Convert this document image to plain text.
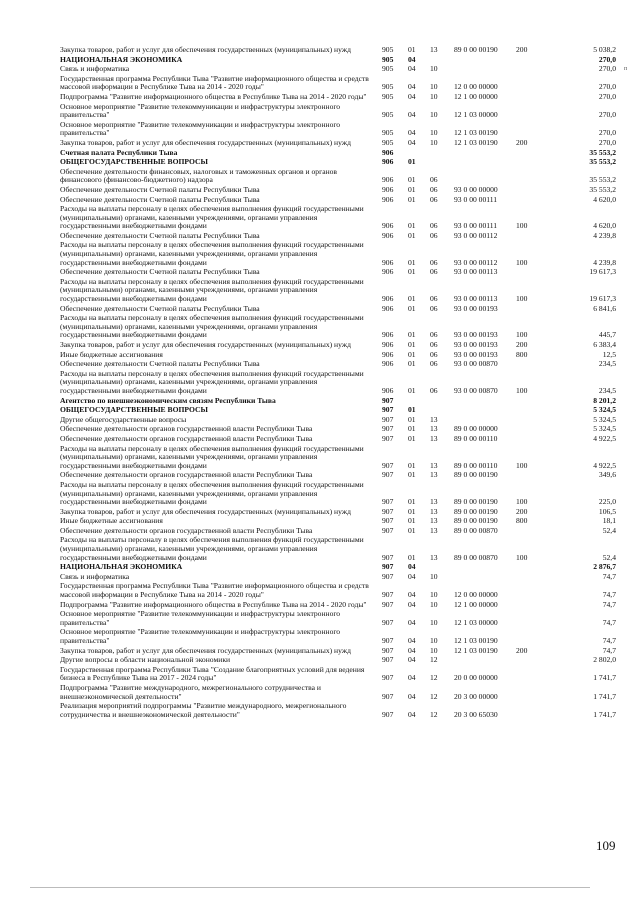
Закупка товаров, работ и услуг для обеспечения государственных (муниципальных) нужд	905 01 13 89 0 00 00190 200	5 038,2
НАЦИОНАЛЬНАЯ ЭКОНОМИКА	905 04	270,0
Связь и информатика	905 04 10	270,0
Государственная программа Республики Тыва "Развитие информационного общества и средств массовой информации в Республике Тыва на 2014 - 2020 годы"	905 04 10 12 0 00 00000	270,0
Подпрограмма "Развитие информационного общества в Республике Тыва на 2014 - 2020 годы"	905 04 10 12 1 00 00000	270,0
Основное мероприятие "Развитие телекоммуникации и инфраструктуры электронного правительства"	905 04 10 12 1 03 00000	270,0
Основное мероприятие "Развитие телекоммуникации и инфраструктуры электронного правительства"	905 04 10 12 1 03 00190	270,0
Закупка товаров, работ и услуг для обеспечения государственных (муниципальных) нужд	905 04 10 12 1 03 00190 200	270,0
Счетная палата Республики Тыва	906	35 553,2
ОБЩЕГОСУДАРСТВЕННЫЕ ВОПРОСЫ	906 01	35 553,2
Обеспечение деятельности финансовых, налоговых и таможенных органов и органов финансового (финансово-бюджетного) надзора	906 01 06	35 553,2
Обеспечение деятельности Счетной палаты Республики Тыва	906 01 06 93 0 00 00000	35 553,2
Обеспечение деятельности Счетной палаты Республики Тыва	906 01 06 93 0 00 00111	4 620,0
Расходы на выплаты персоналу в целях обеспечения выполнения функций государственными (муниципальными) органами, казенными учреждениями, органами управления государственными внебюджетными фондами	906 01 06 93 0 00 00111 100	4 620,0
Обеспечение деятельности Счетной палаты Республики Тыва	906 01 06 93 0 00 00112	4 239,8
Расходы на выплаты персоналу в целях обеспечения выполнения функций государственными (муниципальными) органами, казенными учреждениями, органами управления государственными внебюджетными фондами	906 01 06 93 0 00 00112 100	4 239,8
Обеспечение деятельности Счетной палаты Республики Тыва	906 01 06 93 0 00 00113	19 617,3
Расходы на выплаты персоналу в целях обеспечения выполнения функций государственными (муниципальными) органами, казенными учреждениями, органами управления государственными внебюджетными фондами	906 01 06 93 0 00 00113 100	19 617,3
Обеспечение деятельности Счетной палаты Республики Тыва	906 01 06 93 0 00 00193	6 841,6
Расходы на выплаты персоналу в целях обеспечения выполнения функций государственными (муниципальными) органами, казенными учреждениями, органами управления государственными внебюджетными фондами	906 01 06 93 0 00 00193 100	445,7
Закупка товаров, работ и услуг для обеспечения государственных (муниципальных) нужд	906 01 06 93 0 00 00193 200	6 383,4
Иные бюджетные ассигнования	906 01 06 93 0 00 00193 800	12,5
Обеспечение деятельности Счетной палаты Республики Тыва	906 01 06 93 0 00 00870	234,5
Расходы на выплаты персоналу в целях обеспечения выполнения функций государственными (муниципальными) органами, казенными учреждениями, органами управления государственными внебюджетными фондами	906 01 06 93 0 00 00870 100	234,5
Агентство по внешнеэкономическим связям Республики Тыва	907	8 201,2
ОБЩЕГОСУДАРСТВЕННЫЕ ВОПРОСЫ	907 01	5 324,5
Другие общегосударственные вопросы	907 01 13	5 324,5
Обеспечение деятельности органов государственной власти Республики Тыва	907 01 13 89 0 00 00000	5 324,5
Обеспечение деятельности органов государственной власти Республики Тыва	907 01 13 89 0 00 00110	4 922,5
Расходы на выплаты персоналу в целях обеспечения выполнения функций государственными (муниципальными) органами, казенными учреждениями, органами управления государственными внебюджетными фондами	907 01 13 89 0 00 00110 100	4 922,5
Обеспечение деятельности органов государственной власти Республики Тыва	907 01 13 89 0 00 00190	349,6
Расходы на выплаты персоналу в целях обеспечения выполнения функций государственными (муниципальными) органами, казенными учреждениями, органами управления государственными внебюджетными фондами	907 01 13 89 0 00 00190 100	225,0
Закупка товаров, работ и услуг для обеспечения государственных (муниципальных) нужд	907 01 13 89 0 00 00190 200	106,5
Иные бюджетные ассигнования	907 01 13 89 0 00 00190 800	18,1
Обеспечение деятельности органов государственной власти Республики Тыва	907 01 13 89 0 00 00870	52,4
Расходы на выплаты персоналу в целях обеспечения выполнения функций государственными (муниципальными) органами, казенными учреждениями, органами управления государственными внебюджетными фондами	907 01 13 89 0 00 00870 100	52,4
НАЦИОНАЛЬНАЯ ЭКОНОМИКА	907 04	2 876,7
Связь и информатика	907 04 10	74,7
Государственная программа Республики Тыва "Развитие информационного общества и средств массовой информации в Республике Тыва на 2014 - 2020 годы"	907 04 10 12 0 00 00000	74,7
Подпрограмма "Развитие информационного общества в Республике Тыва на 2014 - 2020 годы"	907 04 10 12 1 00 00000	74,7
Основное мероприятие "Развитие телекоммуникации и инфраструктуры электронного правительства"	907 04 10 12 1 03 00000	74,7
Основное мероприятие "Развитие телекоммуникации и инфраструктуры электронного правительства"	907 04 10 12 1 03 00190	74,7
Закупка товаров, работ и услуг для обеспечения государственных (муниципальных) нужд	907 04 10 12 1 03 00190 200	74,7
Другие вопросы в области национальной экономики	907 04 12	2 802,0
Государственная программа Республики Тыва "Создание благоприятных условий для ведения бизнеса в Республике Тыва на 2017 - 2024 годы"	907 04 12 20 0 00 00000	1 741,7
Подпрограмма "Развитие международного, межрегионального сотрудничества и внешнеэкономической деятельности"	907 04 12 20 3 00 00000	1 741,7
Реализация мероприятий подпрограммы "Развитие международного, межрегионального сотрудничества и внешнеэкономической деятельности"	907 04 12 20 3 00 65030	1 741,7
п
109
